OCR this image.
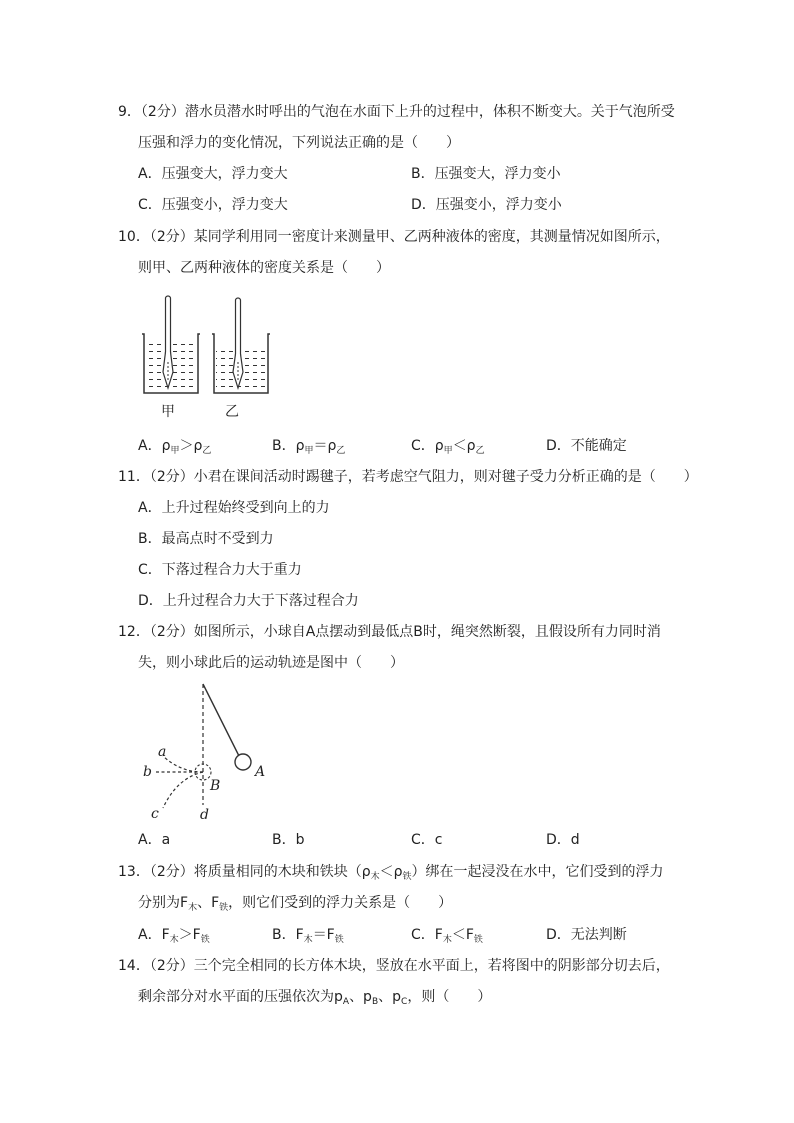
9．（2分）潜水员潜水时呼出的气泡在水面下上升的过程中，体积不断变大。关于气泡所受
压强和浮力的变化情况，下列说法正确的是（　　）
A．压强变大，浮力变大	B．压强变大，浮力变小
C．压强变小，浮力变大	D．压强变小，浮力变小
10．（2分）某同学利用同一密度计来测量甲、乙两种液体的密度，其测量情况如图所示，
则甲、乙两种液体的密度关系是（　　）
甲	乙
A．$\rho_甲>\rho_乙$	B．$\rho_甲=\rho_乙$	C．$\rho_甲<\rho_乙$	D．不能确定
11．（2分）小君在课间活动时踢毽子，若考虑空气阻力，则对毽子受力分析正确的是（　　）
A．上升过程始终受到向上的力
B．最高点时不受到力
C．下落过程合力大于重力
D．上升过程合力大于下落过程合力
12．（2分）如图所示，小球自A点摆动到最低点B时，绳突然断裂，且假设所有力同时消
失，则小球此后的运动轨迹是图中（　　）
a
b
c	d
A
B
A．a	B．b	C．c	D．d
13．（2分）将质量相同的木块和铁块$(\rho_木<\rho_铁)$绑在一起浸没在水中，它们受到的浮力
分别为$F_木$、$F_铁$，则它们受到的浮力关系是（　　）
A．$F_木>F_铁$	B．$F_木=F_铁$	C．$F_木<F_铁$	D．无法判断
14．（2分）三个完全相同的长方体木块，竖放在水平面上，若将图中的阴影部分切去后，
剩余部分对水平面的压强依次为$p_A$、$p_B$、$p_C$，则（　　）
